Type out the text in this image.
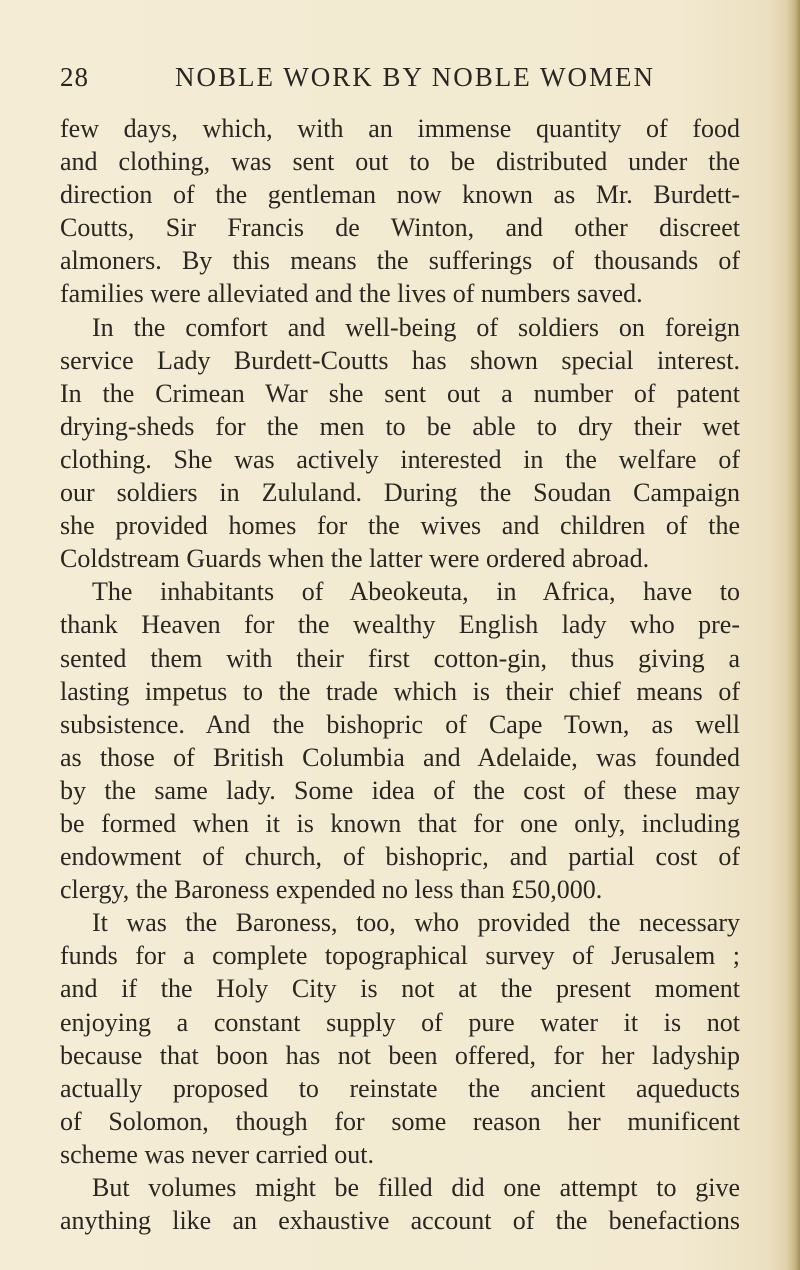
28	NOBLE WORK BY NOBLE WOMEN
few days, which, with an immense quantity of food
and clothing, was sent out to be distributed under the
direction of the gentleman now known as Mr. Burdett-
Coutts, Sir Francis de Winton, and other discreet
almoners. By this means the sufferings of thousands of
families were alleviated and the lives of numbers saved.
In the comfort and well-being of soldiers on foreign
service Lady Burdett-Coutts has shown special interest.
In the Crimean War she sent out a number of patent
drying-sheds for the men to be able to dry their wet
clothing. She was actively interested in the welfare of
our soldiers in Zululand. During the Soudan Campaign
she provided homes for the wives and children of the
Coldstream Guards when the latter were ordered abroad.
The inhabitants of Abeokeuta, in Africa, have to
thank Heaven for the wealthy English lady who pre-
sented them with their first cotton-gin, thus giving a
lasting impetus to the trade which is their chief means of
subsistence. And the bishopric of Cape Town, as well
as those of British Columbia and Adelaide, was founded
by the same lady. Some idea of the cost of these may
be formed when it is known that for one only, including
endowment of church, of bishopric, and partial cost of
clergy, the Baroness expended no less than £50,000.
It was the Baroness, too, who provided the necessary
funds for a complete topographical survey of Jerusalem ;
and if the Holy City is not at the present moment
enjoying a constant supply of pure water it is not
because that boon has not been offered, for her ladyship
actually proposed to reinstate the ancient aqueducts
of Solomon, though for some reason her munificent
scheme was never carried out.
But volumes might be filled did one attempt to give
anything like an exhaustive account of the benefactions
